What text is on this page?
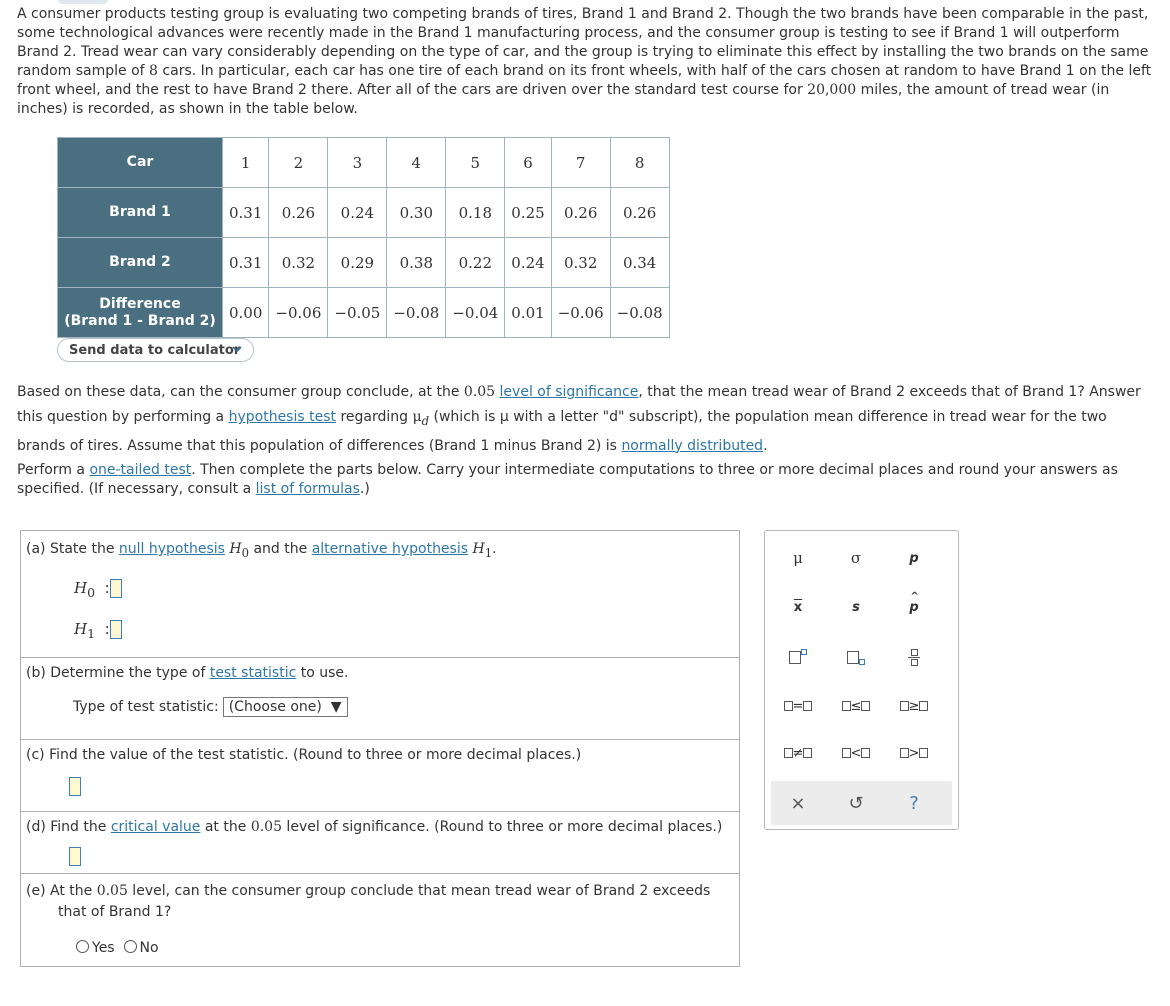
A consumer products testing group is evaluating two competing brands of tires, Brand 1 and Brand 2. Though the two brands have been comparable in the past, some technological advances were recently made in the Brand 1 manufacturing process, and the consumer group is testing to see if Brand 1 will outperform Brand 2. Tread wear can vary considerably depending on the type of car, and the group is trying to eliminate this effect by installing the two brands on the same random sample of 8 cars. In particular, each car has one tire of each brand on its front wheels, with half of the cars chosen at random to have Brand 1 on the left front wheel, and the rest to have Brand 2 there. After all of the cars are driven over the standard test course for 20,000 miles, the amount of tread wear (in inches) is recorded, as shown in the table below.

Car	1	2	3	4	5	6	7	8
Brand 1	0.31	0.26	0.24	0.30	0.18	0.25	0.26	0.26
Brand 2	0.31	0.32	0.29	0.38	0.22	0.24	0.32	0.34
Difference
(Brand 1 - Brand 2)	0.00	−0.06	−0.05	−0.08	−0.04	0.01	−0.06	−0.08
Send data to calculator

Based on these data, can the consumer group conclude, at the 0.05 level of significance, that the mean tread wear of Brand 2 exceeds that of Brand 1? Answer this question by performing a hypothesis test regarding $\mu_d$ (which is μ with a letter "d" subscript), the population mean difference in tread wear for the two brands of tires. Assume that this population of differences (Brand 1 minus Brand 2) is normally distributed.

Perform a one-tailed test. Then complete the parts below. Carry your intermediate computations to three or more decimal places and round your answers as specified. (If necessary, consult a list of formulas.)

(a) State the null hypothesis $H_0$ and the alternative hypothesis $H_1$.
$H_0$  :
$H_1$  :
(b) Determine the type of test statistic to use.
Type of test statistic: (Choose one) ▼
(c) Find the value of the test statistic. (Round to three or more decimal places.)
(d) Find the critical value at the 0.05 level of significance. (Round to three or more decimal places.)
(e) At the 0.05 level, can the consumer group conclude that mean tread wear of Brand 2 exceeds
that of Brand 1?
Yes No
μ	σ	p
$\overline{x}$	s	p
^
=	≤	≥
≠	<	>
×	↺	?
